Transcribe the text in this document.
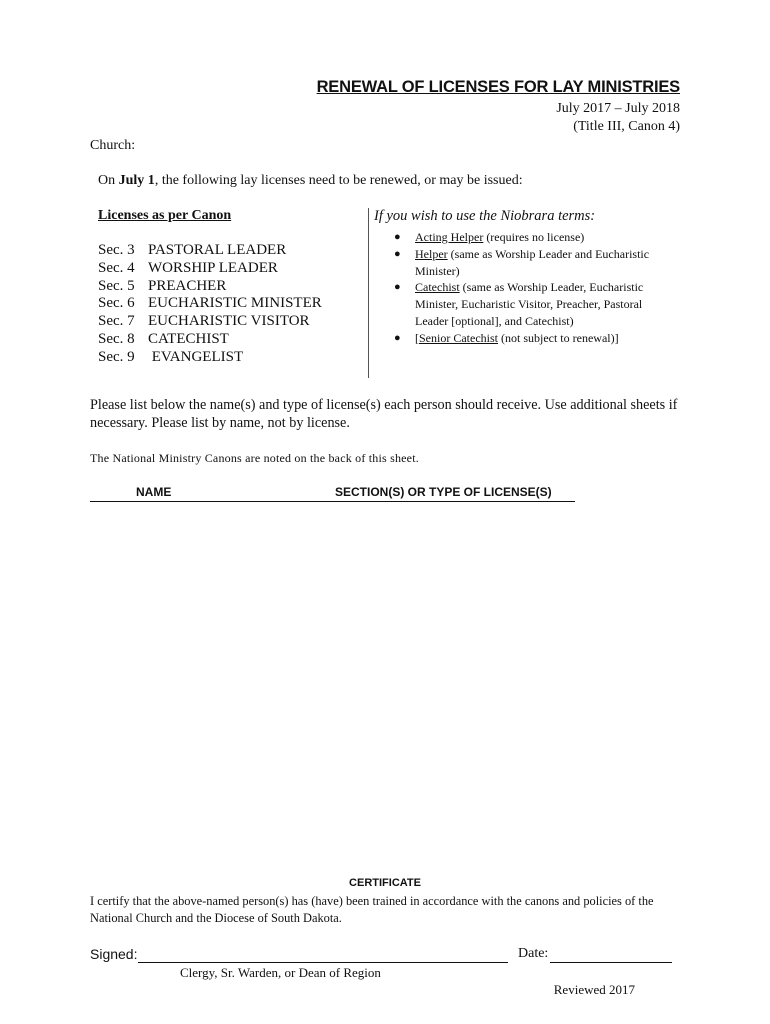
RENEWAL OF LICENSES FOR LAY MINISTRIES
July 2017 – July 2018
(Title III, Canon 4)
Church:
On July 1, the following lay licenses need to be renewed, or may be issued:
Licenses as per Canon
Sec. 3 PASTORAL LEADER
Sec. 4 WORSHIP LEADER
Sec. 5 PREACHER
Sec. 6 EUCHARISTIC MINISTER
Sec. 7 EUCHARISTIC VISITOR
Sec. 8 CATECHIST
Sec. 9 EVANGELIST
If you wish to use the Niobrara terms:
● Acting Helper (requires no license)
● Helper (same as Worship Leader and Eucharistic Minister)
● Catechist (same as Worship Leader, Eucharistic Minister, Eucharistic Visitor, Preacher, Pastoral Leader [optional], and Catechist)
● [Senior Catechist (not subject to renewal)]
Please list below the name(s) and type of license(s) each person should receive. Use additional sheets if necessary. Please list by name, not by license.
The National Ministry Canons are noted on the back of this sheet.
NAME	SECTION(S) OR TYPE OF LICENSE(S)
CERTIFICATE
I certify that the above-named person(s) has (have) been trained in accordance with the canons and policies of the National Church and the Diocese of South Dakota.
Signed:	Date:
Clergy, Sr. Warden, or Dean of Region
Reviewed 2017
